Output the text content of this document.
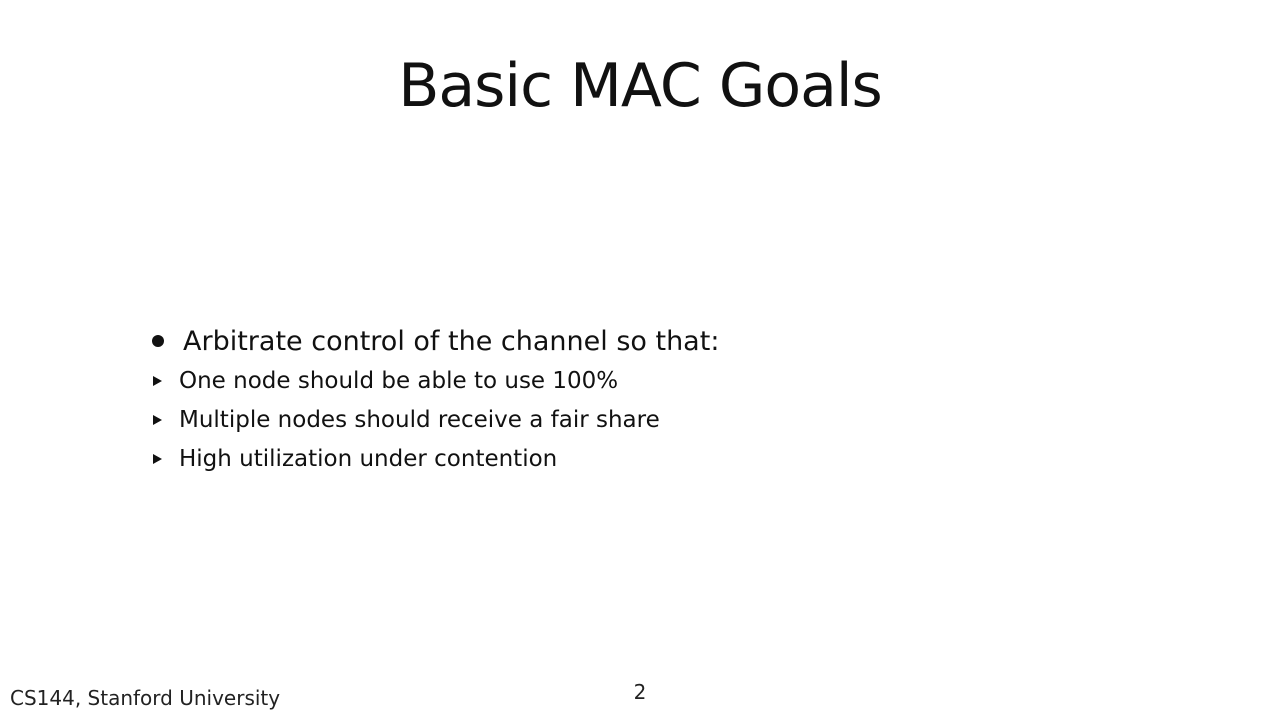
Basic MAC Goals
Arbitrate control of the channel so that:
One node should be able to use 100%
Multiple nodes should receive a fair share
High utilization under contention
CS144, Stanford University	2
